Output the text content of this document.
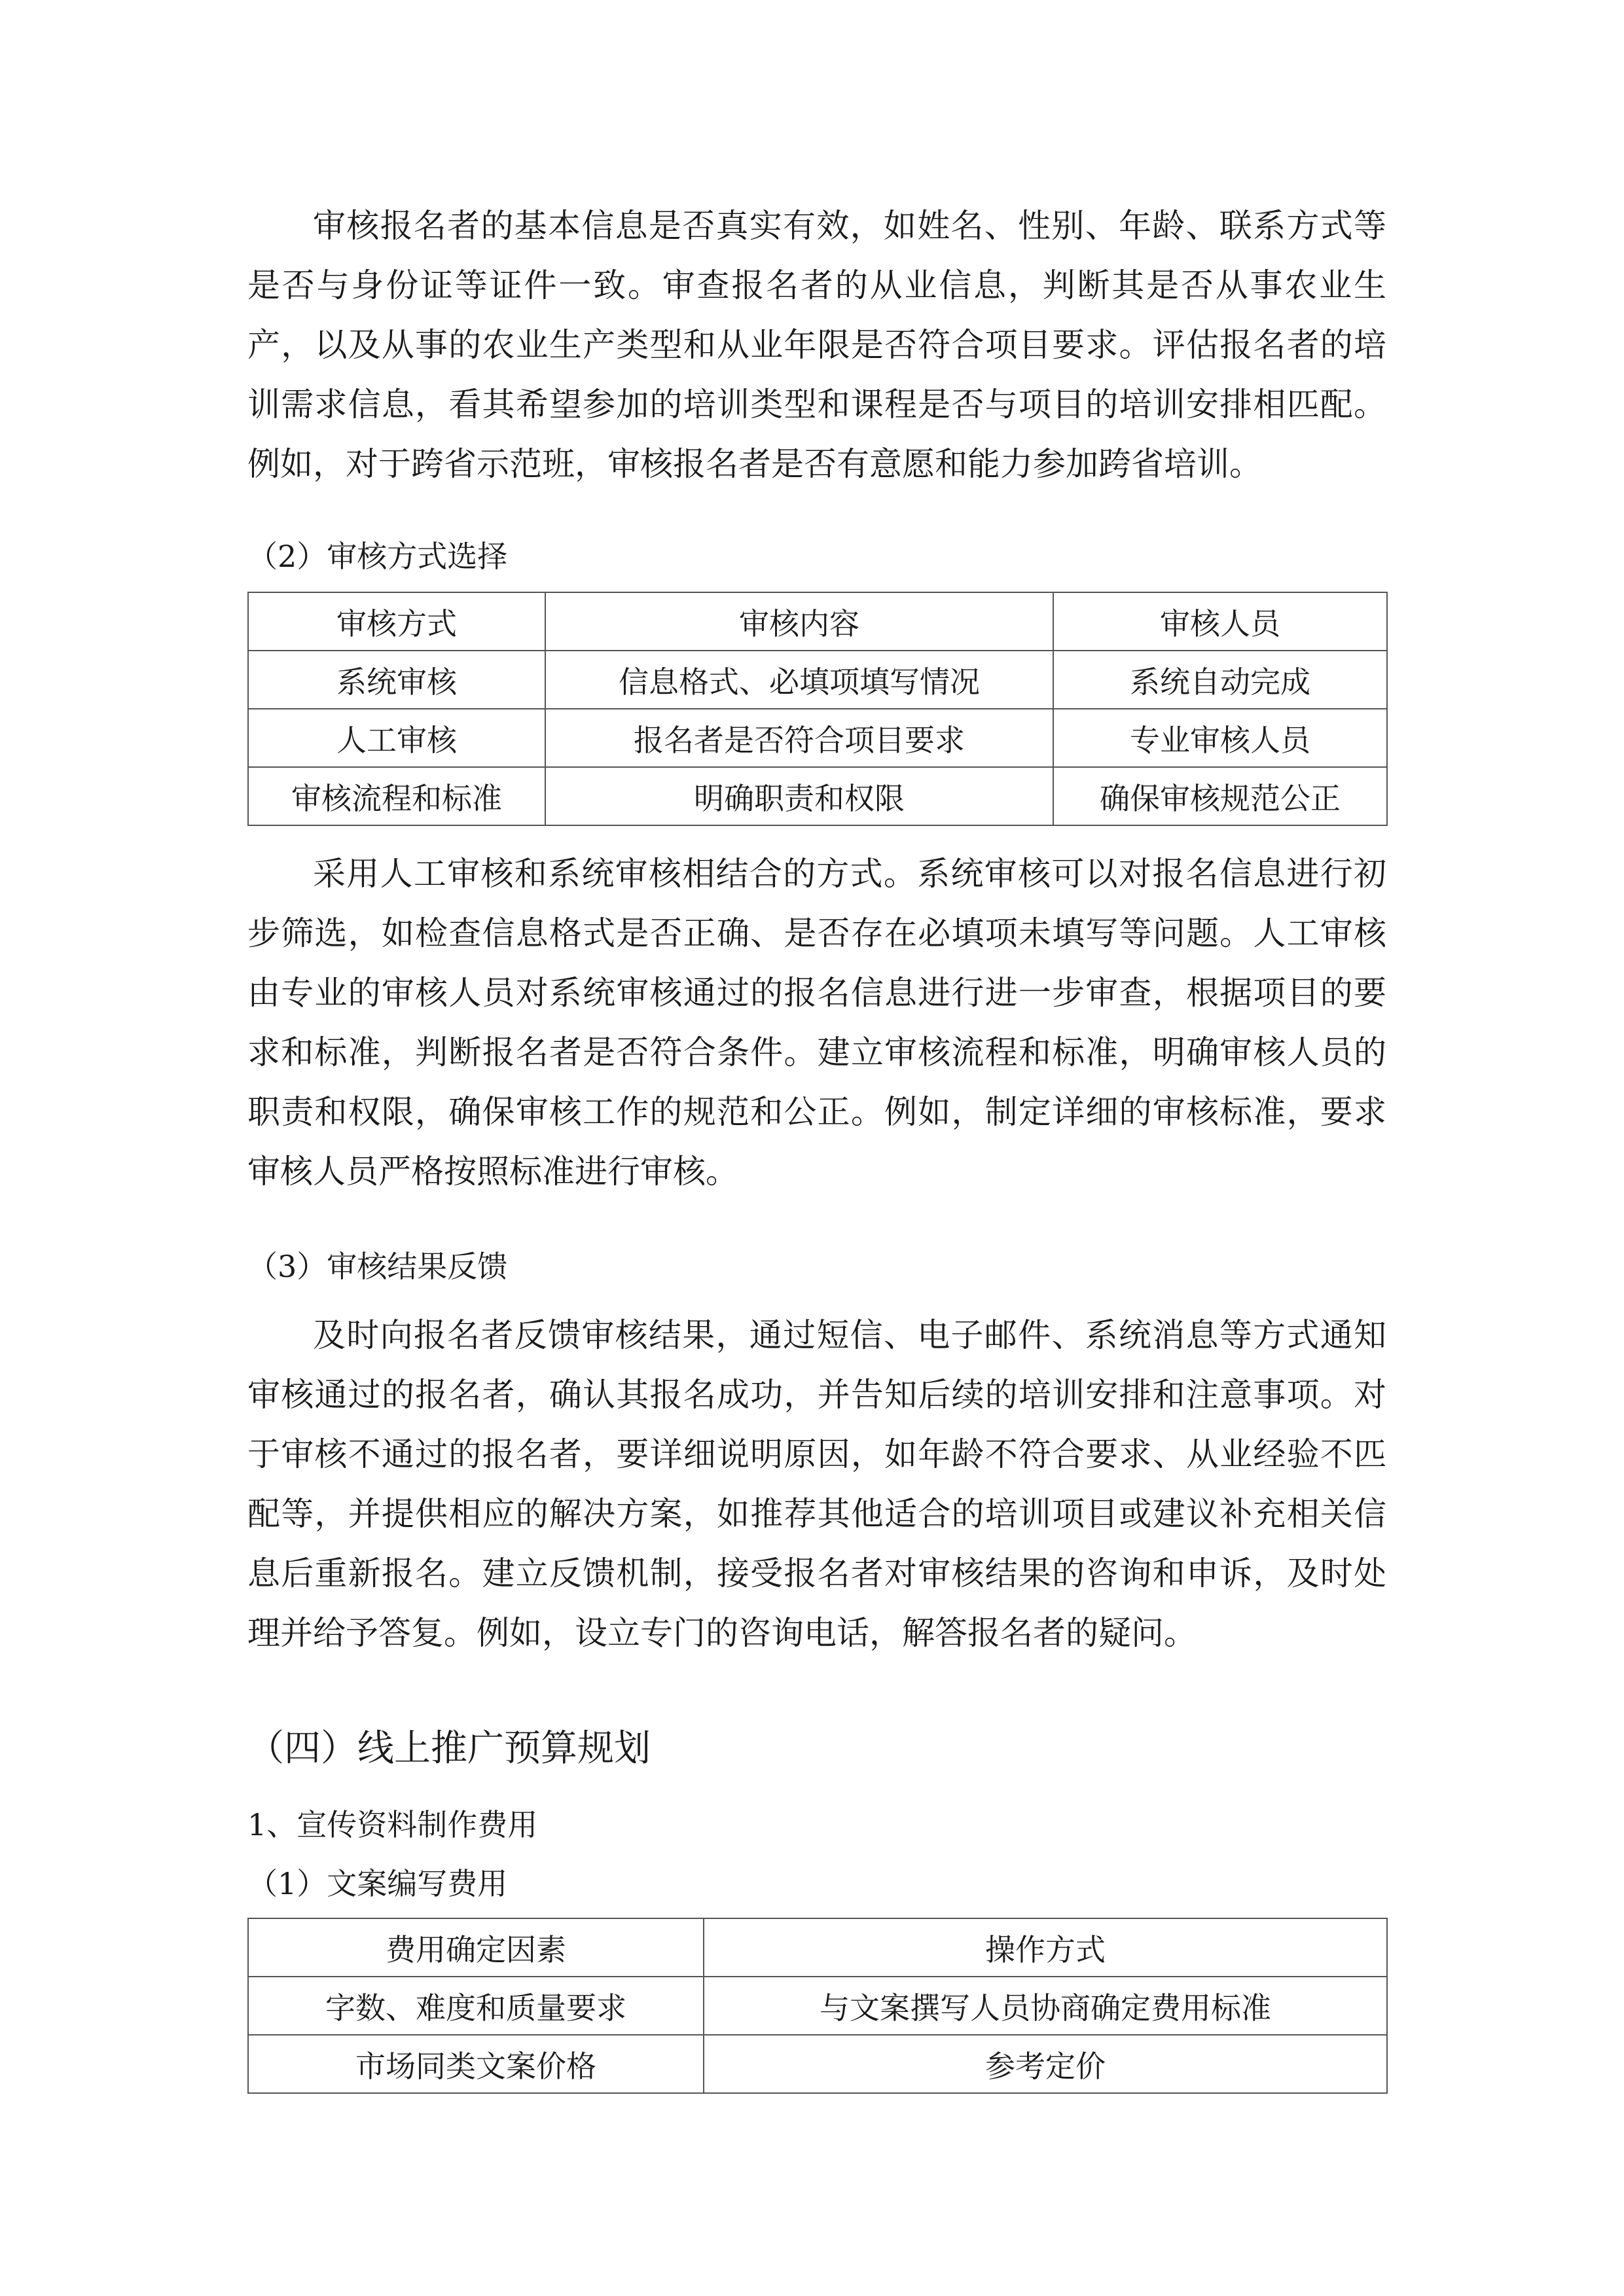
审核报名者的基本信息是否真实有效，如姓名、性别、年龄、联系方式等是否与身份证等证件一致。审查报名者的从业信息，判断其是否从事农业生产，以及从事的农业生产类型和从业年限是否符合项目要求。评估报名者的培训需求信息，看其希望参加的培训类型和课程是否与项目的培训安排相匹配。例如，对于跨省示范班，审核报名者是否有意愿和能力参加跨省培训。

（2）审核方式选择
审核方式	审核内容	审核人员
系统审核	信息格式、必填项填写情况	系统自动完成
人工审核	报名者是否符合项目要求	专业审核人员
审核流程和标准	明确职责和权限	确保审核规范公正

采用人工审核和系统审核相结合的方式。系统审核可以对报名信息进行初步筛选，如检查信息格式是否正确、是否存在必填项未填写等问题。人工审核由专业的审核人员对系统审核通过的报名信息进行进一步审查，根据项目的要求和标准，判断报名者是否符合条件。建立审核流程和标准，明确审核人员的职责和权限，确保审核工作的规范和公正。例如，制定详细的审核标准，要求审核人员严格按照标准进行审核。

（3）审核结果反馈

及时向报名者反馈审核结果，通过短信、电子邮件、系统消息等方式通知审核通过的报名者，确认其报名成功，并告知后续的培训安排和注意事项。对于审核不通过的报名者，要详细说明原因，如年龄不符合要求、从业经验不匹配等，并提供相应的解决方案，如推荐其他适合的培训项目或建议补充相关信息后重新报名。建立反馈机制，接受报名者对审核结果的咨询和申诉，及时处理并给予答复。例如，设立专门的咨询电话，解答报名者的疑问。

（四）线上推广预算规划
1、宣传资料制作费用
（1）文案编写费用
费用确定因素	操作方式
字数、难度和质量要求	与文案撰写人员协商确定费用标准
市场同类文案价格	参考定价
